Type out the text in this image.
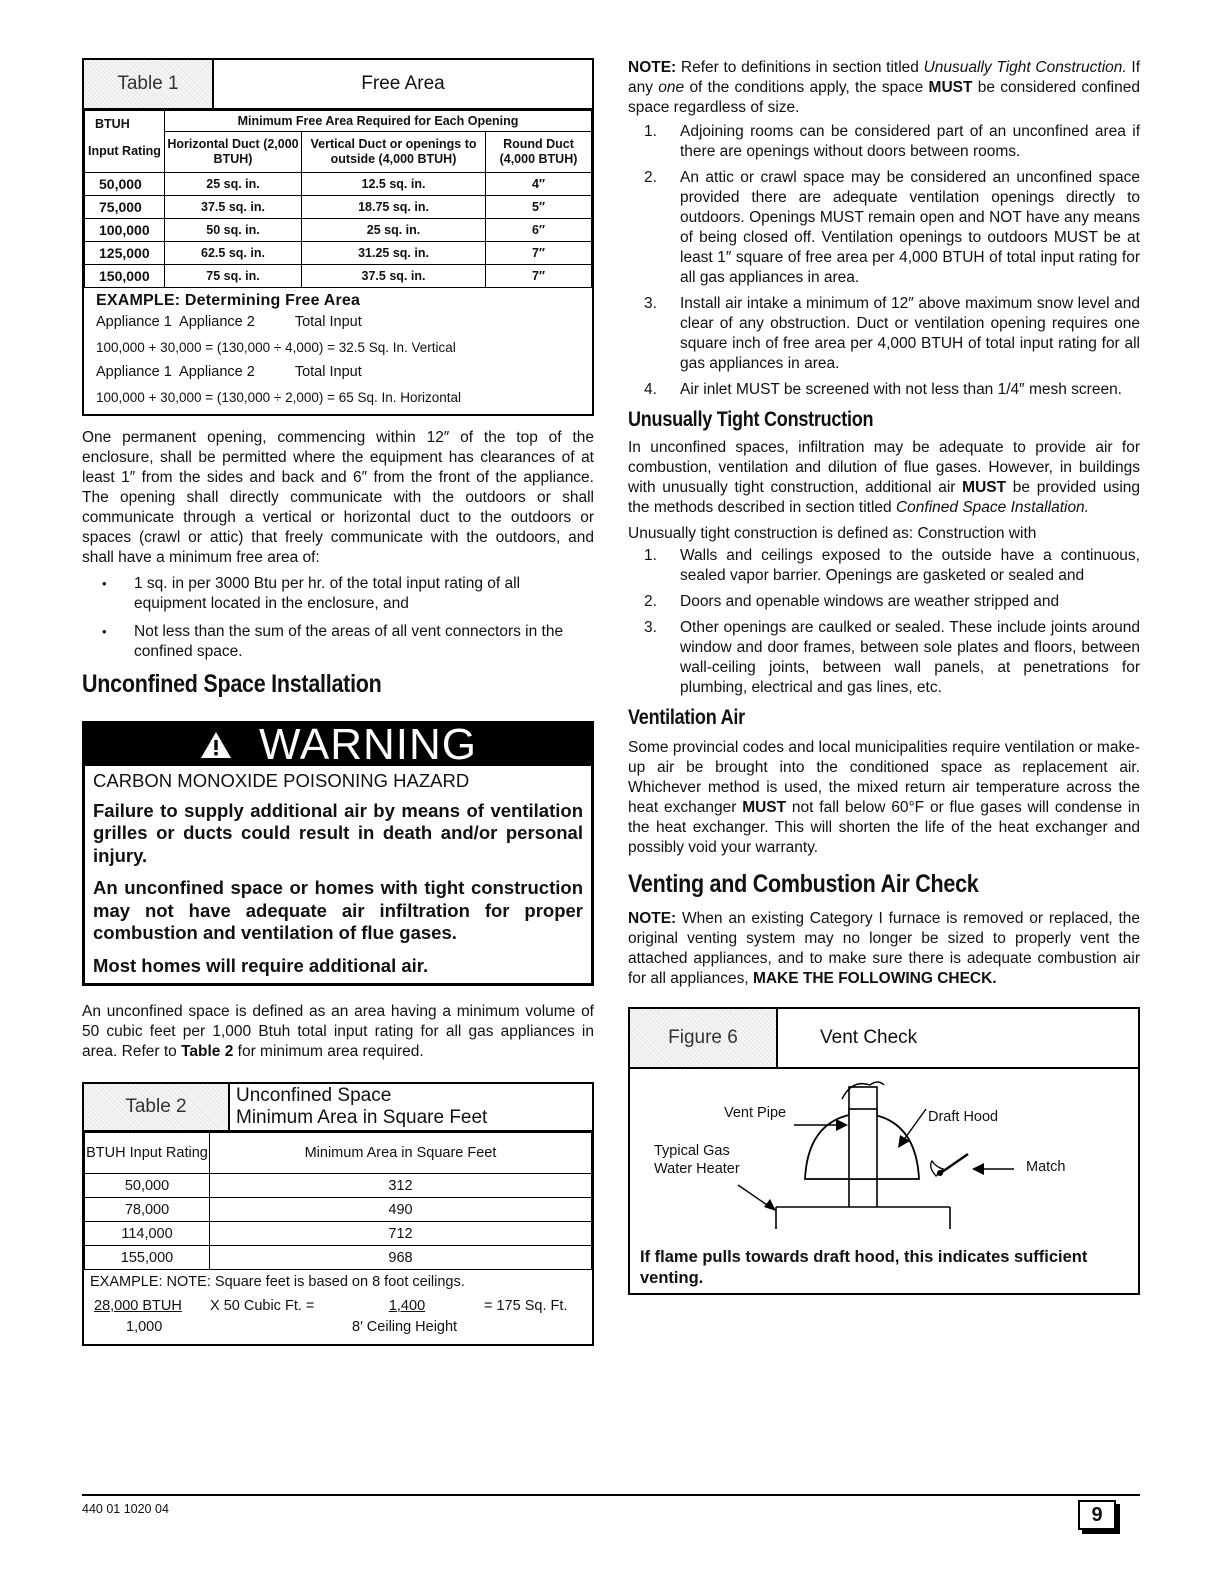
Table 1	Free Area
BTUH	Minimum Free Area Required for Each Opening		
Input Rating	Horizontal Duct (2,000 BTUH)	Vertical Duct or openings to outside (4,000 BTUH)	Round Duct (4,000 BTUH)
50,000	25 sq. in.	12.5 sq. in.	4″
75,000	37.5 sq. in.	18.75 sq. in.	5″
100,000	50 sq. in.	25 sq. in.	6″
125,000	62.5 sq. in.	31.25 sq. in.	7″
150,000	75 sq. in.	37.5 sq. in.	7″
EXAMPLE: Determining Free Area
Appliance 1  Appliance 2          Total Input
100,000 + 30,000 = (130,000 ÷ 4,000) = 32.5 Sq. In. Vertical
Appliance 1  Appliance 2          Total Input
100,000 + 30,000 = (130,000 ÷ 2,000) = 65 Sq. In. Horizontal

One permanent opening, commencing within 12″ of the top of the enclosure, shall be permitted where the equipment has clearances of at least 1″ from the sides and back and 6″ from the front of the appliance. The opening shall directly communicate with the outdoors or shall communicate through a vertical or horizontal duct to the outdoors or spaces (crawl or attic) that freely communicate with the outdoors, and shall have a minimum free area of:

• 1 sq. in per 3000 Btu per hr. of the total input rating of all equipment located in the enclosure, and
• Not less than the sum of the areas of all vent connectors in the confined space.
Unconfined Space Installation
WARNING
CARBON MONOXIDE POISONING HAZARD
Failure to supply additional air by means of ventilation grilles or ducts could result in death and/or personal injury.
An unconfined space or homes with tight construction may not have adequate air infiltration for proper combustion and ventilation of flue gases.
Most homes will require additional air.

An unconfined space is defined as an area having a minimum volume of 50 cubic feet per 1,000 Btuh total input rating for all gas appliances in area. Refer to Table 2 for minimum area required.

Table 2
Unconfined Space
Minimum Area in Square Feet
BTUH Input Rating	Minimum Area in Square Feet
50,000	312
78,000	490
114,000	712
155,000	968
EXAMPLE: NOTE: Square feet is based on 8 foot ceilings.
28,000 BTUH X 50 Cubic Ft. =	1,400	= 175 Sq. Ft.
1,000	8′ Ceiling Height

NOTE: Refer to definitions in section titled Unusually Tight Construction. If any one of the conditions apply, the space MUST be considered confined space regardless of size.

1. Adjoining rooms can be considered part of an unconfined area if there are openings without doors between rooms.
2. An attic or crawl space may be considered an unconfined space provided there are adequate ventilation openings directly to outdoors. Openings MUST remain open and NOT have any means of being closed off. Ventilation openings to outdoors MUST be at least 1″ square of free area per 4,000 BTUH of total input rating for all gas appliances in area.
3. Install air intake a minimum of 12″ above maximum snow level and clear of any obstruction. Duct or ventilation opening requires one square inch of free area per 4,000 BTUH of total input rating for all gas appliances in area.
4. Air inlet MUST be screened with not less than 1/4″ mesh screen.
Unusually Tight Construction

In unconfined spaces, infiltration may be adequate to provide air for combustion, ventilation and dilution of flue gases. However, in buildings with unusually tight construction, additional air MUST be provided using the methods described in section titled Confined Space Installation.

Unusually tight construction is defined as: Construction with

1. Walls and ceilings exposed to the outside have a continuous, sealed vapor barrier. Openings are gasketed or sealed and
2. Doors and openable windows are weather stripped and
3. Other openings are caulked or sealed. These include joints around window and door frames, between sole plates and floors, between wall-ceiling joints, between wall panels, at penetrations for plumbing, electrical and gas lines, etc.
Ventilation Air

Some provincial codes and local municipalities require ventilation or make-up air be brought into the conditioned space as replacement air. Whichever method is used, the mixed return air temperature across the heat exchanger MUST not fall below 60°F or flue gases will condense in the heat exchanger. This will shorten the life of the heat exchanger and possibly void your warranty.

Venting and Combustion Air Check

NOTE: When an existing Category I furnace is removed or replaced, the original venting system may no longer be sized to properly vent the attached appliances, and to make sure there is adequate combustion air for all appliances, MAKE THE FOLLOWING CHECK.

Figure 6	Vent Check
Vent Pipe	Draft Hood
Typical Gas
Water Heater	Match
If flame pulls towards draft hood, this indicates sufficient venting.
440 01 1020 04	9
